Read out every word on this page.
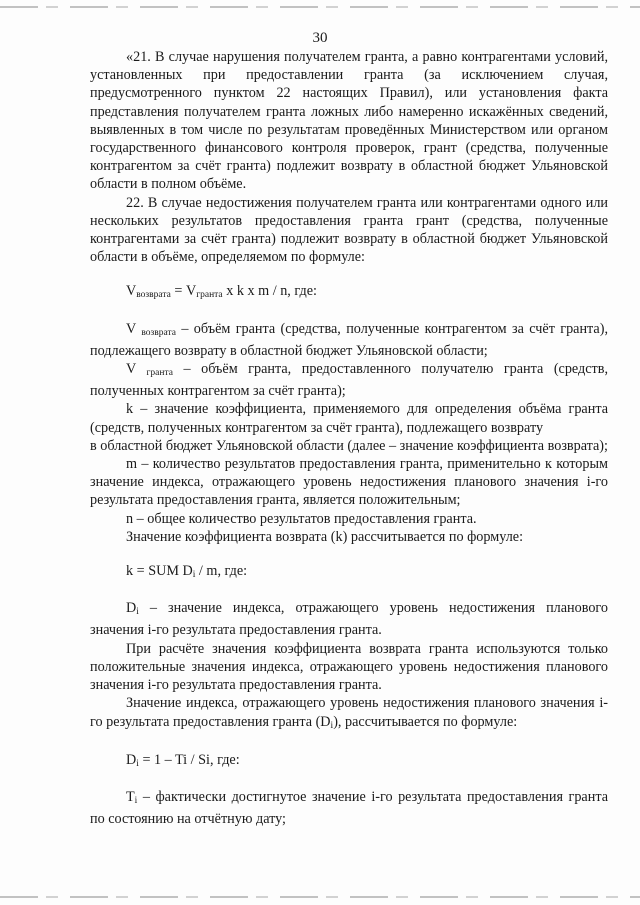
30

«21. В случае нарушения получателем гранта, а равно контрагентами условий, установленных при предоставлении гранта (за исключением случая, предусмотренного пунктом 22 настоящих Правил), или установления факта представления получателем гранта ложных либо намеренно искажённых сведений, выявленных в том числе по результатам проведённых Министерством или органом государственного финансового контроля проверок, грант (средства, полученные контрагентом за счёт гранта) подлежит возврату в областной бюджет Ульяновской области в полном объёме.

22. В случае недостижения получателем гранта или контрагентами одного или нескольких результатов предоставления гранта грант (средства, полученные контрагентами за счёт гранта) подлежит возврату в областной бюджет Ульяновской области в объёме, определяемом по формуле:

$V_{возврата} = V_{гранта}$ x k x m / n, где:

V $_{возврата}$ – объём гранта (средства, полученные контрагентом за счёт гранта), подлежащего возврату в областной бюджет Ульяновской области;

V $_{гранта}$ – объём гранта, предоставленного получателю гранта (средств, полученных контрагентом за счёт гранта);

k – значение коэффициента, применяемого для определения объёма гранта (средств, полученных контрагентом за счёт гранта), подлежащего возврату

в областной бюджет Ульяновской области (далее – значение коэффициента возврата);

m – количество результатов предоставления гранта, применительно к которым значение индекса, отражающего уровень недостижения планового значения i-го результата предоставления гранта, является положительным;

n – общее количество результатов предоставления гранта.

Значение коэффициента возврата (k) рассчитывается по формуле:

k = SUM $D_i$ / m, где:

$D_i$ – значение индекса, отражающего уровень недостижения планового значения i-го результата предоставления гранта.

При расчёте значения коэффициента возврата гранта используются только положительные значения индекса, отражающего уровень недостижения планового значения i-го результата предоставления гранта.

Значение индекса, отражающего уровень недостижения планового значения i-го результата предоставления гранта $(D_i)$, рассчитывается по формуле:

$D_i = 1 - Ti / Si$, где:

$T_i$ – фактически достигнутое значение i-го результата предоставления гранта по состоянию на отчётную дату;
